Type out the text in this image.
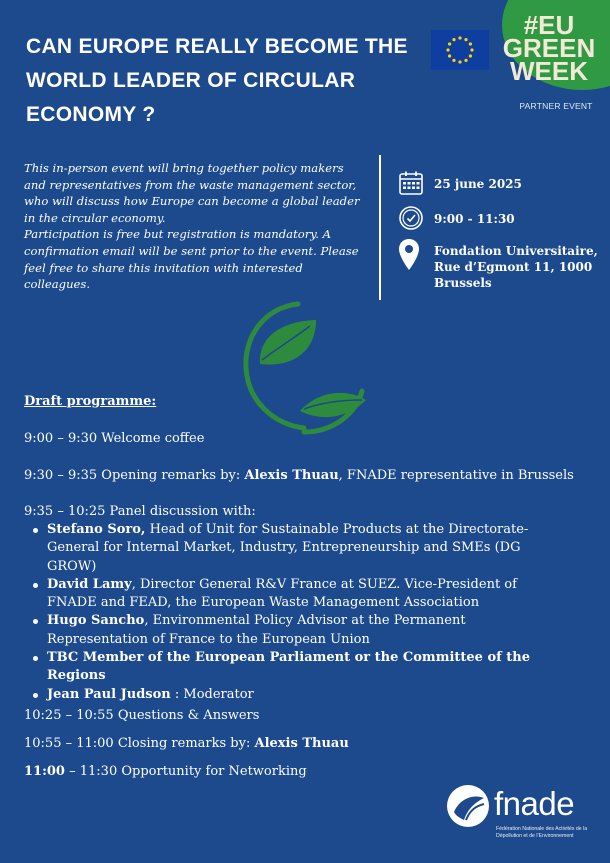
CAN EUROPE REALLY BECOME THE WORLD LEADER OF CIRCULAR ECONOMY ?
#EU
GREEN
WEEK
PARTNER EVENT

This in-person event will bring together policy makers and representatives from the waste management sector, who will discuss how Europe can become a global leader in the circular economy.

Participation is free but registration is mandatory. A confirmation email will be sent prior to the event. Please feel free to share this invitation with interested colleagues.

25 june 2025
9:00 - 11:30
Fondation Universitaire,
Rue d’Egmont 11, 1000
Brussels
Draft programme:
9:00 – 9:30 Welcome coffee
9:30 – 9:35 Opening remarks by: Alexis Thuau, FNADE representative in Brussels
9:35 – 10:25 Panel discussion with:
Stefano Soro, Head of Unit for Sustainable Products at the Directorate-General for Internal Market, Industry, Entrepreneurship and SMEs (DG GROW)
David Lamy, Director General R&V France at SUEZ. Vice-President of FNADE and FEAD, the European Waste Management Association
Hugo Sancho, Environmental Policy Advisor at the Permanent Representation of France to the European Union
TBC Member of the European Parliament or the Committee of the Regions
Jean Paul Judson : Moderator
10:25 – 10:55 Questions & Answers
10:55 – 11:00 Closing remarks by: Alexis Thuau
11:00 – 11:30 Opportunity for Networking
fnade
Fédération Nationale des Activités de la Dépollution et de l’Environnement
